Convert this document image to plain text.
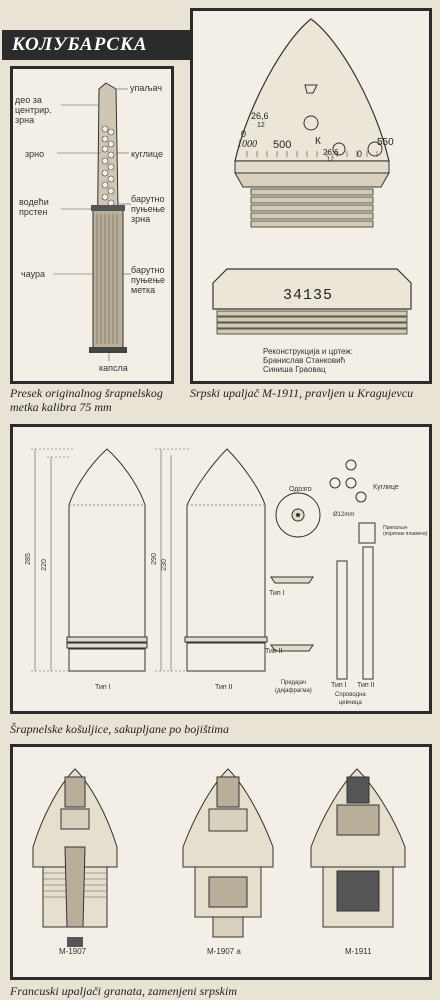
КОЛУБАРСКА
упаљач
део за
центрир.
зрна
зрно	куглице
водећи
прстен
барутно
пуњење
зрна
чаура	барутно
пуњење
метка
капсла
Presek originalnog šrapnelskog metka kalibra 75 mm
26,6
12
0
1000 500 К	550
26,6
12
0
34135
Реконструкција и цртеж:
Бранислав Станковић
Синиша Граовац
Srpski upaljač M-1911, pravljen u Kragujevcu
285
220
290
230
Ø12mm
Тип I	Тип II
Одозго	Куглице
Тип I
Тип II
Предајач
(дијафрагма)
Тип I Тип II
Спроводна
цевчица
Припаљач
(појачник пламена)
Šrapnelske košuljice, sakupljane po bojištima
M-1907	M-1907 a	M-1911
Francuski upaljači granata, zamenjeni srpskim
